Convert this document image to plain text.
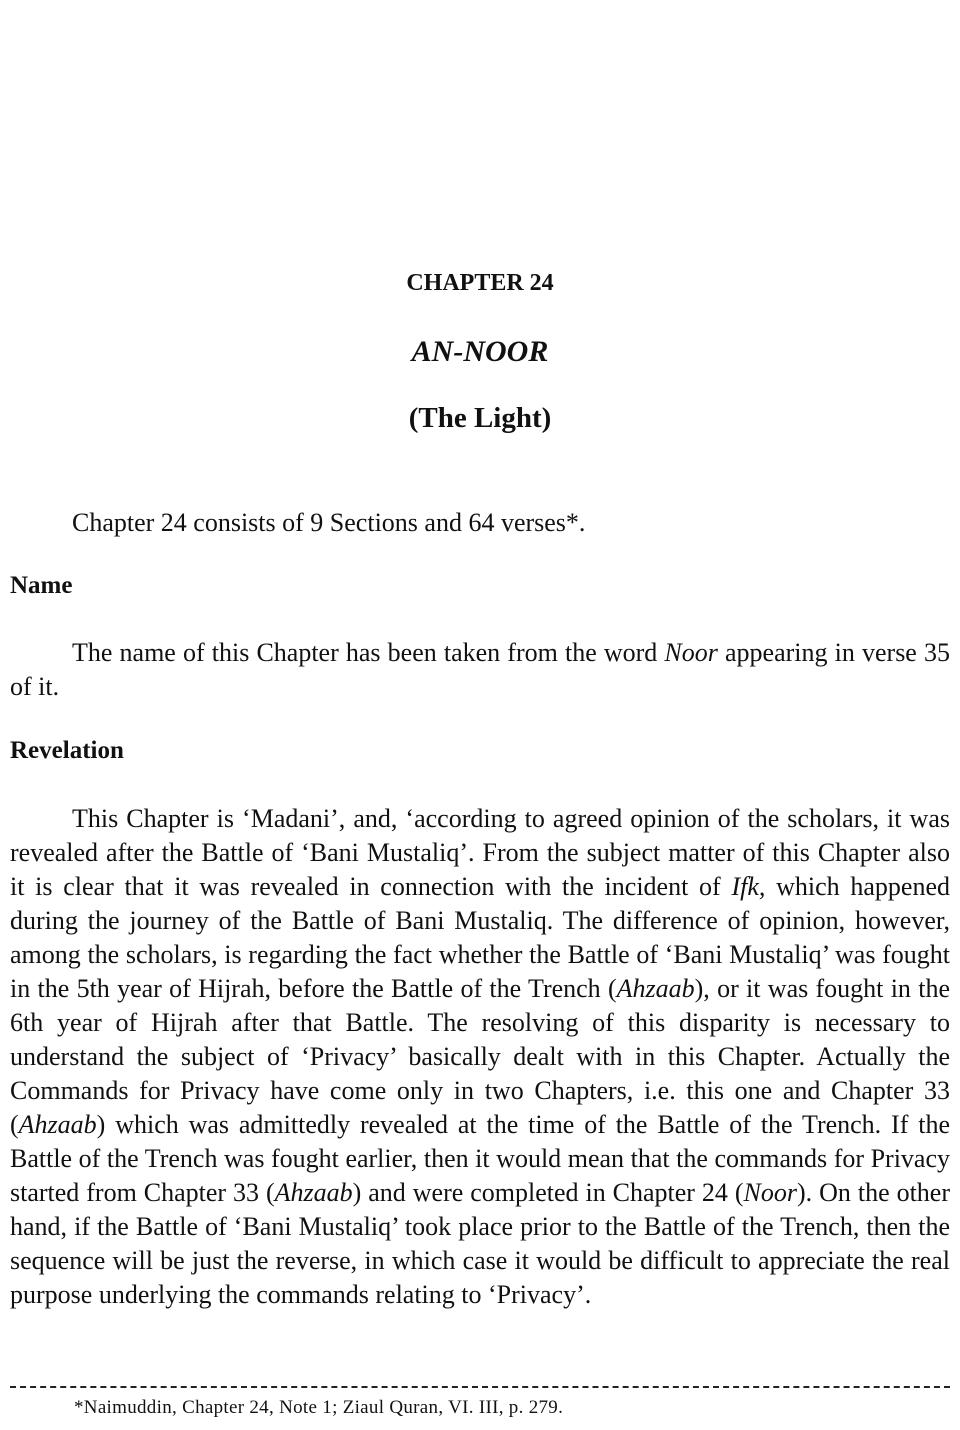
CHAPTER 24
AN-NOOR
(The Light)

Chapter 24 consists of 9 Sections and 64 verses*.

Name

The name of this Chapter has been taken from the word Noor appearing in verse 35 of it.

Revelation

This Chapter is ‘Madani’, and, ‘according to agreed opinion of the scholars, it was revealed after the Battle of ‘Bani Mustaliq’. From the subject matter of this Chapter also it is clear that it was revealed in connection with the incident of Ifk, which happened during the journey of the Battle of Bani Mustaliq. The difference of opinion, however, among the scholars, is regarding the fact whether the Battle of ‘Bani Mustaliq’ was fought in the 5th year of Hijrah, before the Battle of the Trench (Ahzaab), or it was fought in the 6th year of Hijrah after that Battle. The resolving of this disparity is necessary to understand the subject of ‘Privacy’ basically dealt with in this Chapter. Actually the Commands for Privacy have come only in two Chapters, i.e. this one and Chapter 33 (Ahzaab) which was admittedly revealed at the time of the Battle of the Trench. If the Battle of the Trench was fought earlier, then it would mean that the commands for Privacy started from Chapter 33 (Ahzaab) and were completed in Chapter 24 (Noor). On the other hand, if the Battle of ‘Bani Mustaliq’ took place prior to the Battle of the Trench, then the sequence will be just the reverse, in which case it would be difficult to appreciate the real purpose underlying the commands relating to ‘Privacy’.

*Naimuddin, Chapter 24, Note 1; Ziaul Quran, VI. III, p. 279.
